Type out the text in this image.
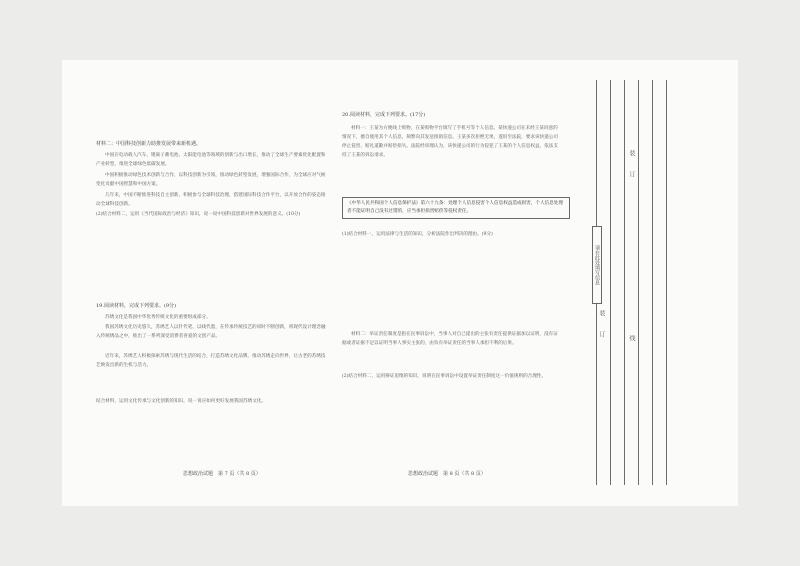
材料二：中国科技创新力助推发展带来新机遇。

中国在电动载人汽车、锂离子蓄电池、太阳能电池等领域的创新与出口增长，推动了全球生产要素优化配置和产业转型，推进全球绿色低碳发展。

中国积极推动绿色技术创新与合作，以科技创新为引领，推动绿色转型发展，增强国际合作，为全球应对气候变化贡献中国智慧和中国方案。

几年来，中国不断推进科技自主创新，积极参与全球科技治理，搭建国际科技合作平台，以开放合作的姿态推动全球科技创新。

(2)结合材料二，运用《当代国际政治与经济》知识，说一说中国科技创新对世界发展的意义。(10分)

19.阅读材料，完成下列要求。(9分)

苏绣文化是我国中华优秀传统文化的重要组成部分。

我国苏绣文化历史悠久，苏绣艺人以针代笔、以线代墨，在传承传统技艺的同时不断创新，将现代设计理念融入传统绣品之中，推出了一系列深受消费者喜爱的文创产品。

近年来，苏绣艺人积极探索苏绣与现代生活的结合，打造苏绣文化品牌，推动苏绣走向世界，让古老的苏绣技艺焕发出新的生机与活力。

结合材料，运用文化传承与文化创新的知识，说一说应如何更好发展我国苏绣文化。

思想政治试题　第 7 页（共 8 页）

20.阅读材料，完成下列要求。(17分)

材料一：王某为方便线上购物，在某购物平台填写了手机号等个人信息。某快递公司在未经王某同意的情况下，擅自使用其个人信息，频繁向其发送推销信息。王某多次拒绝无果，遂诉至法院，要求该快递公司停止侵害、赔礼道歉并赔偿损失。法院经审理认为，该快递公司的行为侵犯了王某的个人信息权益，依法支持了王某的诉讼请求。

《中华人民共和国个人信息保护法》第六十九条：处理个人信息侵害个人信息权益造成损害，个人信息处理者不能证明自己没有过错的，应当承担损害赔偿等侵权责任。

(1)结合材料一，运用法律与生活的知识，分析法院作出判决的理由。(9分)

材料二：举证责任制度是指在民事诉讼中，当事人对自己提出的主张有责任提供证据加以证明，没有证据或者证据不足以证明当事人事实主张的，由负有举证责任的当事人承担不利的后果。

(2)结合材料二，运用辩证思维的知识，说明在民事诉讼中设置举证责任制度这一价值规则的合理性。

思想政治试题　第 8 页（共 8 页）
装　　订
线
装　　订
请在此处填写信息
